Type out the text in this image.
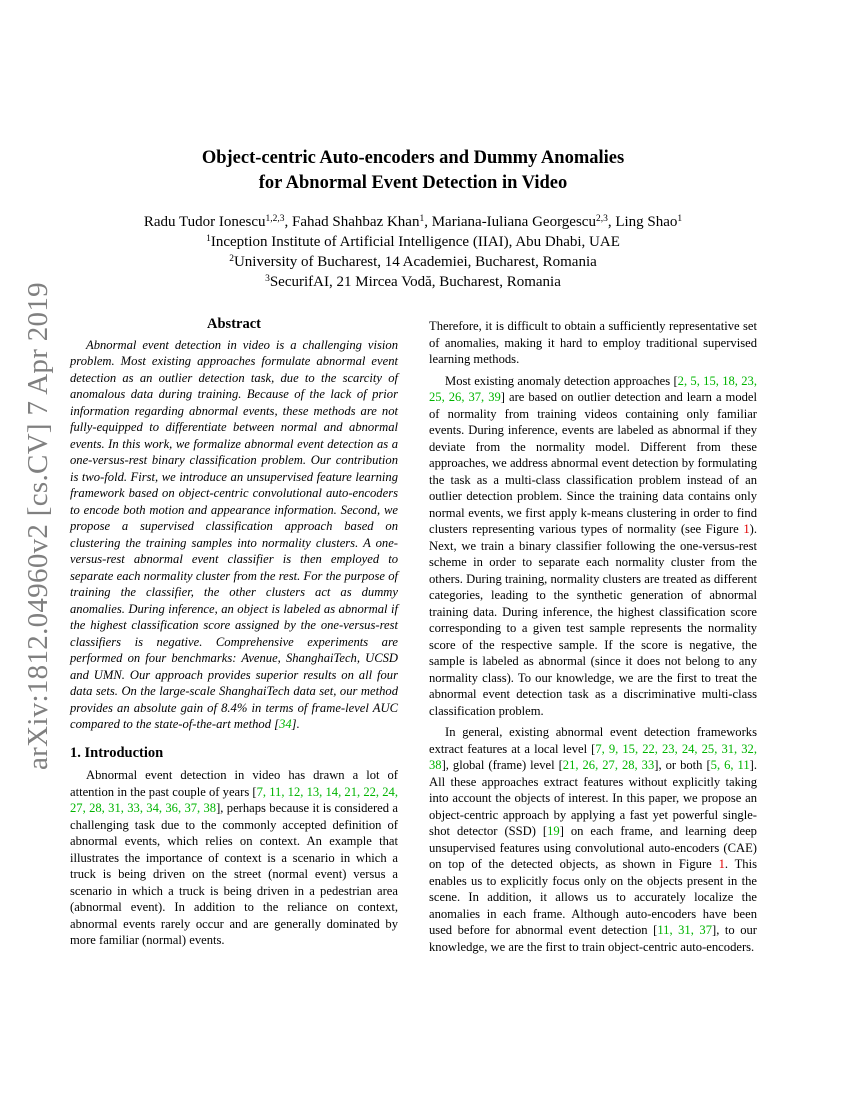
arXiv:1812.04960v2 [cs.CV] 7 Apr 2019
Object-centric Auto-encoders and Dummy Anomalies
for Abnormal Event Detection in Video
Radu Tudor Ionescu$^{1,2,3}$, Fahad Shahbaz Khan$^1$, Mariana-Iuliana Georgescu$^{2,3}$, Ling Shao$^1$
$^1$Inception Institute of Artificial Intelligence (IIAI), Abu Dhabi, UAE
$^2$University of Bucharest, 14 Academiei, Bucharest, Romania
$^3$SecurifAI, 21 Mircea Vodă, Bucharest, Romania
Abstract

Abnormal event detection in video is a challenging vision problem. Most existing approaches formulate abnormal event detection as an outlier detection task, due to the scarcity of anomalous data during training. Because of the lack of prior information regarding abnormal events, these methods are not fully-equipped to differentiate between normal and abnormal events. In this work, we formalize abnormal event detection as a one-versus-rest binary classification problem. Our contribution is two-fold. First, we introduce an unsupervised feature learning framework based on object-centric convolutional auto-encoders to encode both motion and appearance information. Second, we propose a supervised classification approach based on clustering the training samples into normality clusters. A one-versus-rest abnormal event classifier is then employed to separate each normality cluster from the rest. For the purpose of training the classifier, the other clusters act as dummy anomalies. During inference, an object is labeled as abnormal if the highest classification score assigned by the one-versus-rest classifiers is negative. Comprehensive experiments are performed on four benchmarks: Avenue, ShanghaiTech, UCSD and UMN. Our approach provides superior results on all four data sets. On the large-scale ShanghaiTech data set, our method provides an absolute gain of 8.4% in terms of frame-level AUC compared to the state-of-the-art method [34].

1. Introduction

Abnormal event detection in video has drawn a lot of attention in the past couple of years [7, 11, 12, 13, 14, 21, 22, 24, 27, 28, 31, 33, 34, 36, 37, 38], perhaps because it is considered a challenging task due to the commonly accepted definition of abnormal events, which relies on context. An example that illustrates the importance of context is a scenario in which a truck is being driven on the street (normal event) versus a scenario in which a truck is being driven in a pedestrian area (abnormal event). In addition to the reliance on context, abnormal events rarely occur and are generally dominated by more familiar (normal) events.

Therefore, it is difficult to obtain a sufficiently representative set of anomalies, making it hard to employ traditional supervised learning methods.

Most existing anomaly detection approaches [2, 5, 15, 18, 23, 25, 26, 37, 39] are based on outlier detection and learn a model of normality from training videos containing only familiar events. During inference, events are labeled as abnormal if they deviate from the normality model. Different from these approaches, we address abnormal event detection by formulating the task as a multi-class classification problem instead of an outlier detection problem. Since the training data contains only normal events, we first apply k-means clustering in order to find clusters representing various types of normality (see Figure 1). Next, we train a binary classifier following the one-versus-rest scheme in order to separate each normality cluster from the others. During training, normality clusters are treated as different categories, leading to the synthetic generation of abnormal training data. During inference, the highest classification score corresponding to a given test sample represents the normality score of the respective sample. If the score is negative, the sample is labeled as abnormal (since it does not belong to any normality class). To our knowledge, we are the first to treat the abnormal event detection task as a discriminative multi-class classification problem.

In general, existing abnormal event detection frameworks extract features at a local level [7, 9, 15, 22, 23, 24, 25, 31, 32, 38], global (frame) level [21, 26, 27, 28, 33], or both [5, 6, 11]. All these approaches extract features without explicitly taking into account the objects of interest. In this paper, we propose an object-centric approach by applying a fast yet powerful single-shot detector (SSD) [19] on each frame, and learning deep unsupervised features using convolutional auto-encoders (CAE) on top of the detected objects, as shown in Figure 1. This enables us to explicitly focus only on the objects present in the scene. In addition, it allows us to accurately localize the anomalies in each frame. Although auto-encoders have been used before for abnormal event detection [11, 31, 37], to our knowledge, we are the first to train object-centric auto-encoders.
